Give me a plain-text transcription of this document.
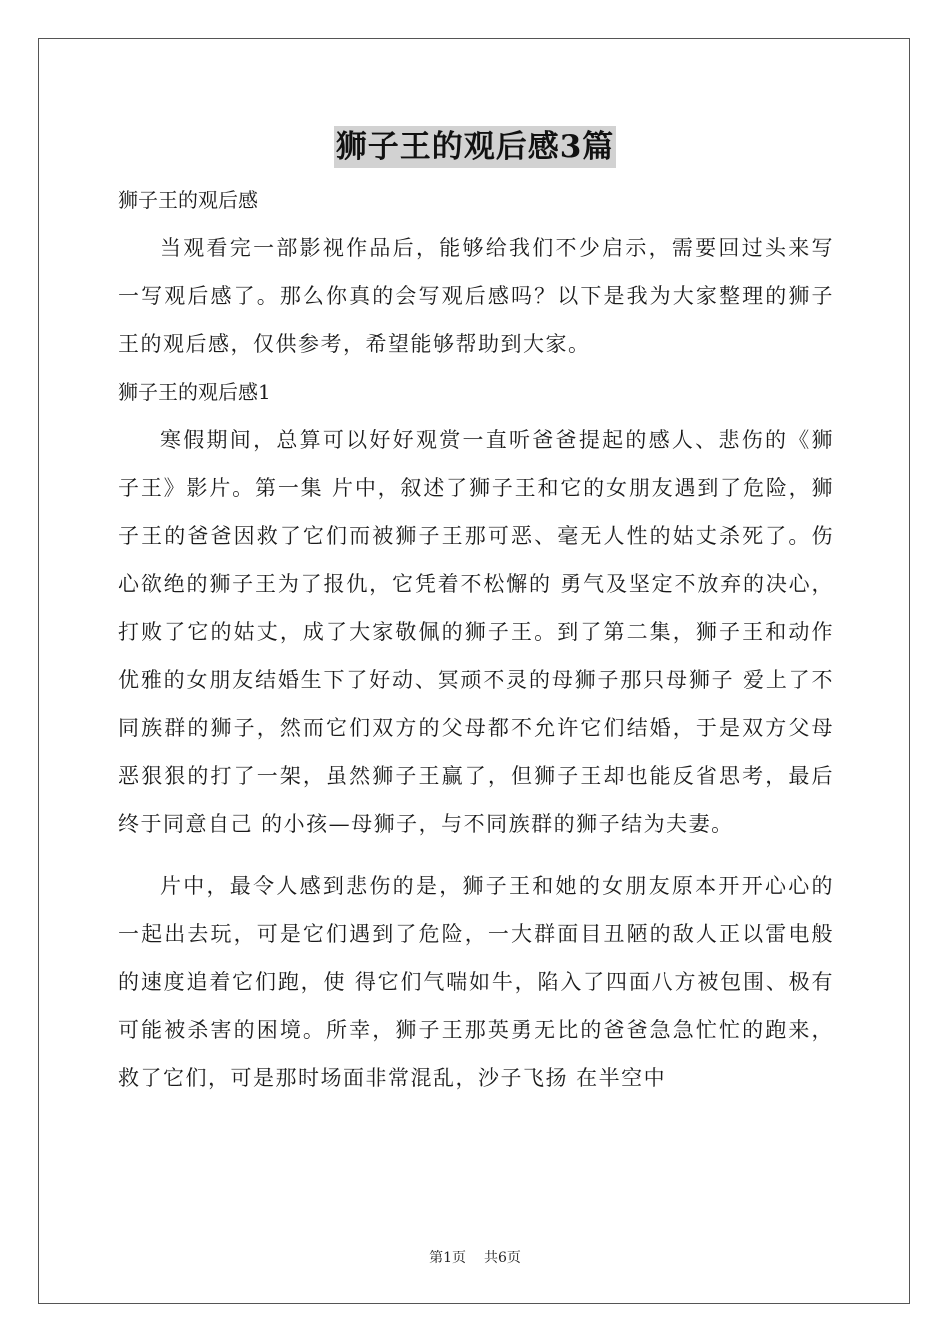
狮子王的观后感3篇

狮子王的观后感

当观看完一部影视作品后，能够给我们不少启示，需要回过头来写一写观后感了。那么你真的会写观后感吗？以下是我为大家整理的狮子王的观后感，仅供参考，希望能够帮助到大家。

狮子王的观后感1

寒假期间，总算可以好好观赏一直听爸爸提起的感人、悲伤的《狮子王》影片。第一集 片中，叙述了狮子王和它的女朋友遇到了危险，狮子王的爸爸因救了它们而被狮子王那可恶、毫无人性的姑丈杀死了。伤心欲绝的狮子王为了报仇，它凭着不松懈的 勇气及坚定不放弃的决心，打败了它的姑丈，成了大家敬佩的狮子王。到了第二集，狮子王和动作优雅的女朋友结婚生下了好动、冥顽不灵的母狮子那只母狮子 爱上了不同族群的狮子，然而它们双方的父母都不允许它们结婚，于是双方父母恶狠狠的打了一架，虽然狮子王赢了，但狮子王却也能反省思考，最后终于同意自己 的小孩—母狮子，与不同族群的狮子结为夫妻。

片中，最令人感到悲伤的是，狮子王和她的女朋友原本开开心心的一起出去玩，可是它们遇到了危险，一大群面目丑陋的敌人正以雷电般的速度追着它们跑，使 得它们气喘如牛，陷入了四面八方被包围、极有可能被杀害的困境。所幸，狮子王那英勇无比的爸爸急急忙忙的跑来，救了它们，可是那时场面非常混乱，沙子飞扬 在半空中

第1页 共6页
